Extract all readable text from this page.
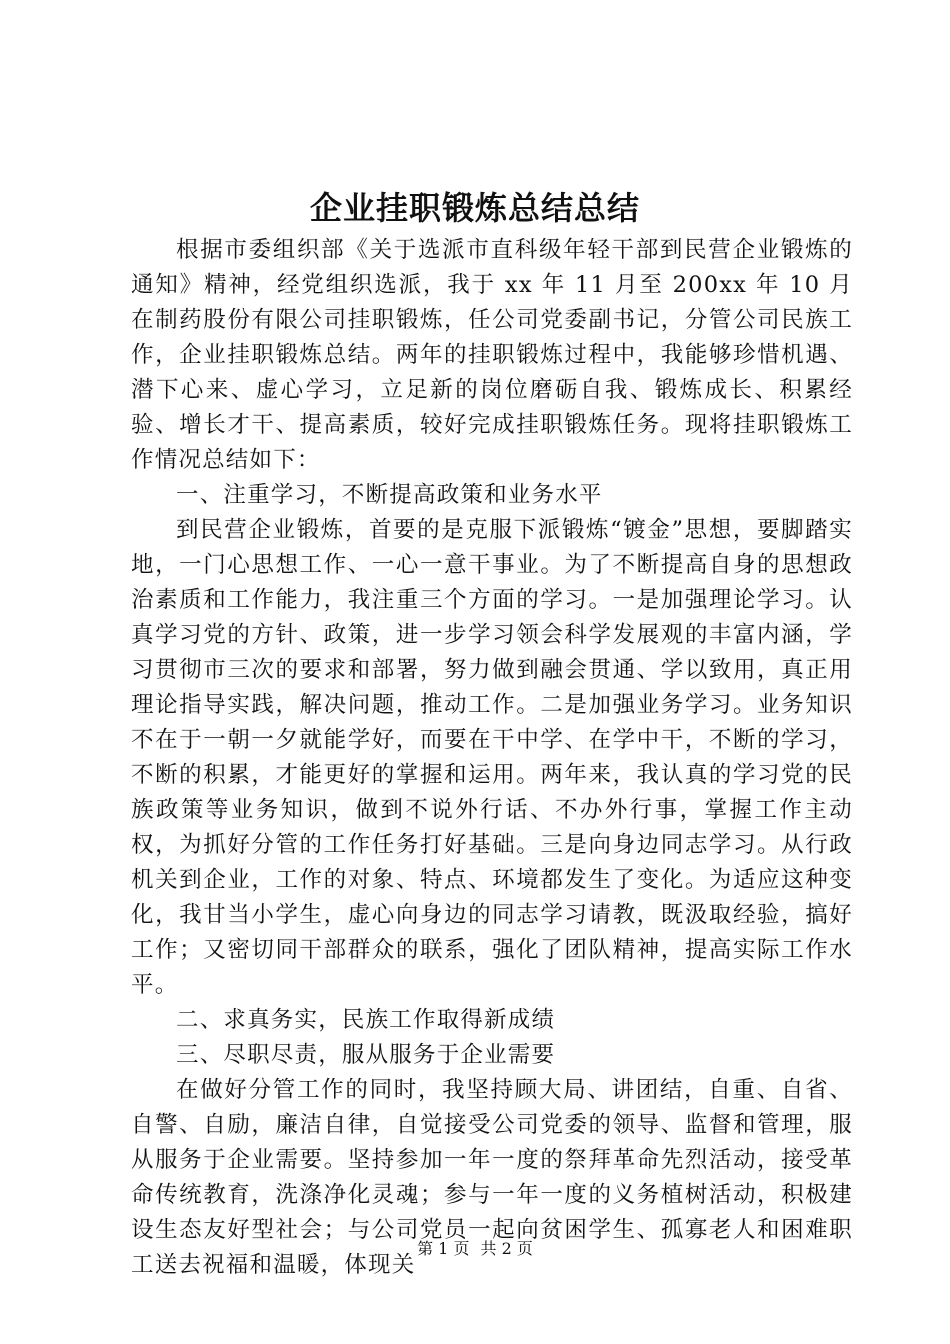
企业挂职锻炼总结总结

根据市委组织部《关于选派市直科级年轻干部到民营企业锻炼的通知》精神，经党组织选派，我于 xx 年 11 月至 200xx 年 10 月在制药股份有限公司挂职锻炼，任公司党委副书记，分管公司民族工作，企业挂职锻炼总结。两年的挂职锻炼过程中，我能够珍惜机遇、潜下心来、虚心学习，立足新的岗位磨砺自我、锻炼成长、积累经验、增长才干、提高素质，较好完成挂职锻炼任务。现将挂职锻炼工作情况总结如下：

一、注重学习，不断提高政策和业务水平

到民营企业锻炼，首要的是克服下派锻炼“镀金”思想，要脚踏实地，一门心思想工作、一心一意干事业。为了不断提高自身的思想政治素质和工作能力，我注重三个方面的学习。一是加强理论学习。认真学习党的方针、政策，进一步学习领会科学发展观的丰富内涵，学习贯彻市三次的要求和部署，努力做到融会贯通、学以致用，真正用理论指导实践，解决问题，推动工作。二是加强业务学习。业务知识不在于一朝一夕就能学好，而要在干中学、在学中干，不断的学习，不断的积累，才能更好的掌握和运用。两年来，我认真的学习党的民族政策等业务知识，做到不说外行话、不办外行事，掌握工作主动权，为抓好分管的工作任务打好基础。三是向身边同志学习。从行政机关到企业，工作的对象、特点、环境都发生了变化。为适应这种变化，我甘当小学生，虚心向身边的同志学习请教，既汲取经验，搞好工作；又密切同干部群众的联系，强化了团队精神，提高实际工作水平。

二、求真务实，民族工作取得新成绩

三、尽职尽责，服从服务于企业需要

在做好分管工作的同时，我坚持顾大局、讲团结，自重、自省、自警、自励，廉洁自律，自觉接受公司党委的领导、监督和管理，服从服务于企业需要。坚持参加一年一度的祭拜革命先烈活动，接受革命传统教育，洗涤净化灵魂；参与一年一度的义务植树活动，积极建设生态友好型社会；与公司党员一起向贫困学生、孤寡老人和困难职工送去祝福和温暖，体现关

第 1 页 共 2 页
